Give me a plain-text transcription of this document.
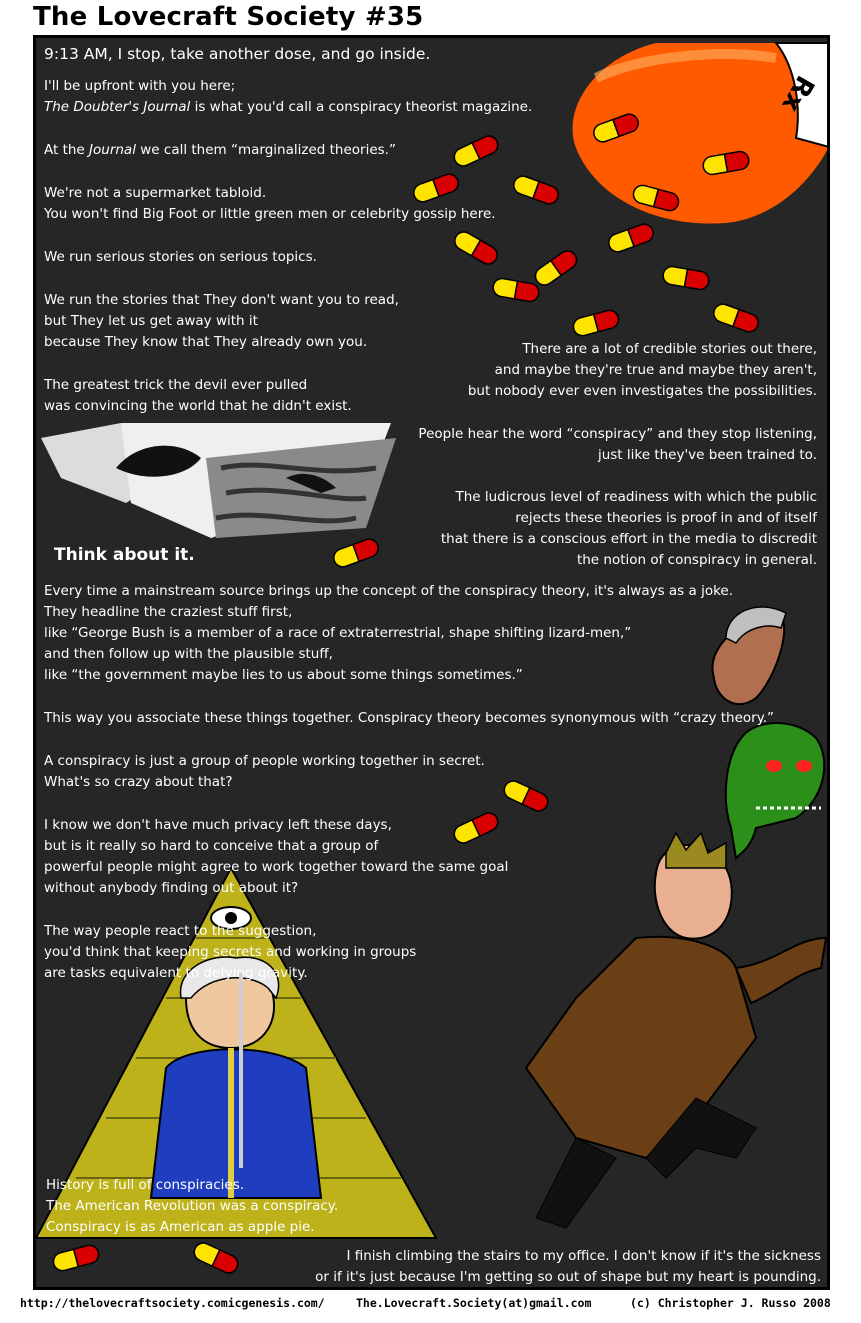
The Lovecraft Society #35
Rx
9:13 AM, I stop, take another dose, and go inside.
I'll be upfront with you here;
The Doubter's Journal is what you'd call a conspiracy theorist magazine.
At the Journal we call them “marginalized theories.”
We're not a supermarket tabloid.
You won't find Big Foot or little green men or celebrity gossip here.
We run serious stories on serious topics.
We run the stories that They don't want you to read,
but They let us get away with it
because They know that They already own you.
The greatest trick the devil ever pulled
was convincing the world that he didn't exist.
There are a lot of credible stories out there,
and maybe they're true and maybe they aren't,
but nobody ever even investigates the possibilities.
People hear the word “conspiracy” and they stop listening,
just like they've been trained to.
The ludicrous level of readiness with which the public
rejects these theories is proof in and of itself
that there is a conscious effort in the media to discredit
the notion of conspiracy in general.
Think about it.
Every time a mainstream source brings up the concept of the conspiracy theory, it's always as a joke.
They headline the craziest stuff first,
like “George Bush is a member of a race of extraterrestrial, shape shifting lizard-men,”
and then follow up with the plausible stuff,
like “the government maybe lies to us about some things sometimes.”
This way you associate these things together. Conspiracy theory becomes synonymous with “crazy theory.”
A conspiracy is just a group of people working together in secret.
What's so crazy about that?
I know we don't have much privacy left these days,
but is it really so hard to conceive that a group of
powerful people might agree to work together toward the same goal
without anybody finding out about it?
The way people react to the suggestion,
you'd think that keeping secrets and working in groups
are tasks equivalent to defying gravity.
History is full of conspiracies.
The American Revolution was a conspiracy.
Conspiracy is as American as apple pie.
I finish climbing the stairs to my office. I don't know if it's the sickness
or if it's just because I'm getting so out of shape but my heart is pounding.
http://thelovecraftsociety.comicgenesis.com/	The.Lovecraft.Society(at)gmail.com	(c) Christopher J. Russo 2008
